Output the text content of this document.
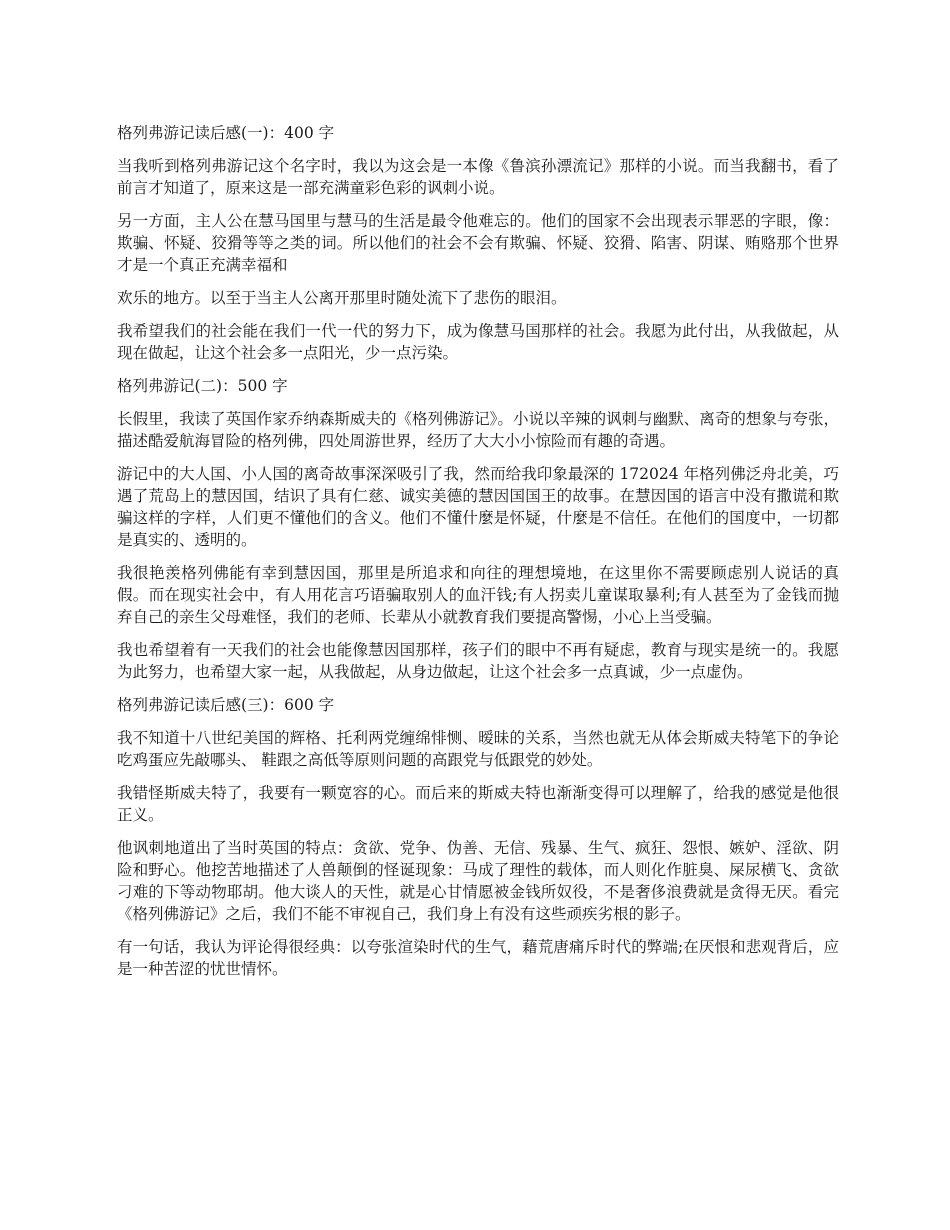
格列弗游记读后感(一)：400 字
当我听到格列弗游记这个名字时，我以为这会是一本像《鲁滨孙漂流记》那样的小说。而当我翻书，看了前言才知道了，原来这是一部充满童彩色彩的讽刺小说。
另一方面，主人公在慧马国里与慧马的生活是最令他难忘的。他们的国家不会出现表示罪恶的字眼，像：欺骗、怀疑、狡猾等等之类的词。所以他们的社会不会有欺骗、怀疑、狡猾、陷害、阴谋、贿赂那个世界才是一个真正充满幸福和
欢乐的地方。以至于当主人公离开那里时随处流下了悲伤的眼泪。
我希望我们的社会能在我们一代一代的努力下，成为像慧马国那样的社会。我愿为此付出，从我做起，从现在做起，让这个社会多一点阳光，少一点污染。
格列弗游记(二)：500 字
长假里，我读了英国作家乔纳森斯威夫的《格列佛游记》。小说以辛辣的讽刺与幽默、离奇的想象与夸张，描述酷爱航海冒险的格列佛，四处周游世界，经历了大大小小惊险而有趣的奇遇。
游记中的大人国、小人国的离奇故事深深吸引了我，然而给我印象最深的 172024 年格列佛泛舟北美，巧遇了荒岛上的慧因国，结识了具有仁慈、诚实美德的慧因国国王的故事。在慧因国的语言中没有撒谎和欺骗这样的字样，人们更不懂他们的含义。他们不懂什麼是怀疑，什麼是不信任。在他们的国度中，一切都是真实的、透明的。
我很艳羡格列佛能有幸到慧因国，那里是所追求和向往的理想境地，在这里你不需要顾虑别人说话的真假。而在现实社会中，有人用花言巧语骗取别人的血汗钱;有人拐卖儿童谋取暴利;有人甚至为了金钱而抛弃自己的亲生父母难怪，我们的老师、长辈从小就教育我们要提高警惕，小心上当受骗。
我也希望着有一天我们的社会也能像慧因国那样，孩子们的眼中不再有疑虑，教育与现实是统一的。我愿为此努力，也希望大家一起，从我做起，从身边做起，让这个社会多一点真诚，少一点虚伪。
格列弗游记读后感(三)：600 字
我不知道十八世纪美国的辉格、托利两党缠绵悱恻、暧昧的关系，当然也就无从体会斯威夫特笔下的争论吃鸡蛋应先敲哪头、 鞋跟之高低等原则问题的高跟党与低跟党的妙处。
我错怪斯威夫特了，我要有一颗宽容的心。而后来的斯威夫特也渐渐变得可以理解了，给我的感觉是他很正义。
他讽刺地道出了当时英国的特点：贪欲、党争、伪善、无信、残暴、生气、疯狂、怨恨、嫉妒、淫欲、阴险和野心。他挖苦地描述了人兽颠倒的怪诞现象：马成了理性的载体，而人则化作脏臭、屎尿横飞、贪欲刁难的下等动物耶胡。他大谈人的天性，就是心甘情愿被金钱所奴役，不是奢侈浪费就是贪得无厌。看完《格列佛游记》之后，我们不能不审视自己，我们身上有没有这些顽疾劣根的影子。
有一句话，我认为评论得很经典：以夸张渲染时代的生气，藉荒唐痛斥时代的弊端;在厌恨和悲观背后，应是一种苦涩的忧世情怀。
